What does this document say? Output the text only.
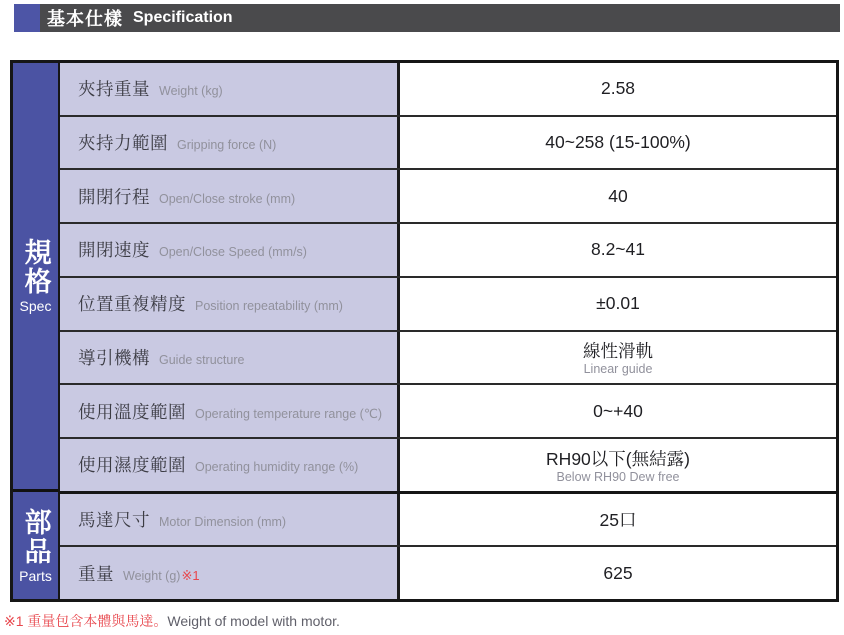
基本仕樣 Specification
規格
Spec
部品
Parts
夾持重量 Weight (kg)	2.58
夾持力範圍 Gripping force (N)	40~258 (15-100%)
開閉行程 Open/Close stroke (mm)	40
開閉速度 Open/Close Speed (mm/s)	8.2~41
位置重複精度 Position repeatability (mm)	±0.01
導引機構 Guide structure	線性滑軌
Linear guide
使用溫度範圍 Operating temperature range (℃)	0~+40
使用濕度範圍 Operating humidity range (%)	RH90以下(無結露)
Below RH90 Dew free
馬達尺寸 Motor Dimension (mm)	25口
重量 Weight (g) ※1	625
※1 重量包含本體與馬達。Weight of model with motor.
